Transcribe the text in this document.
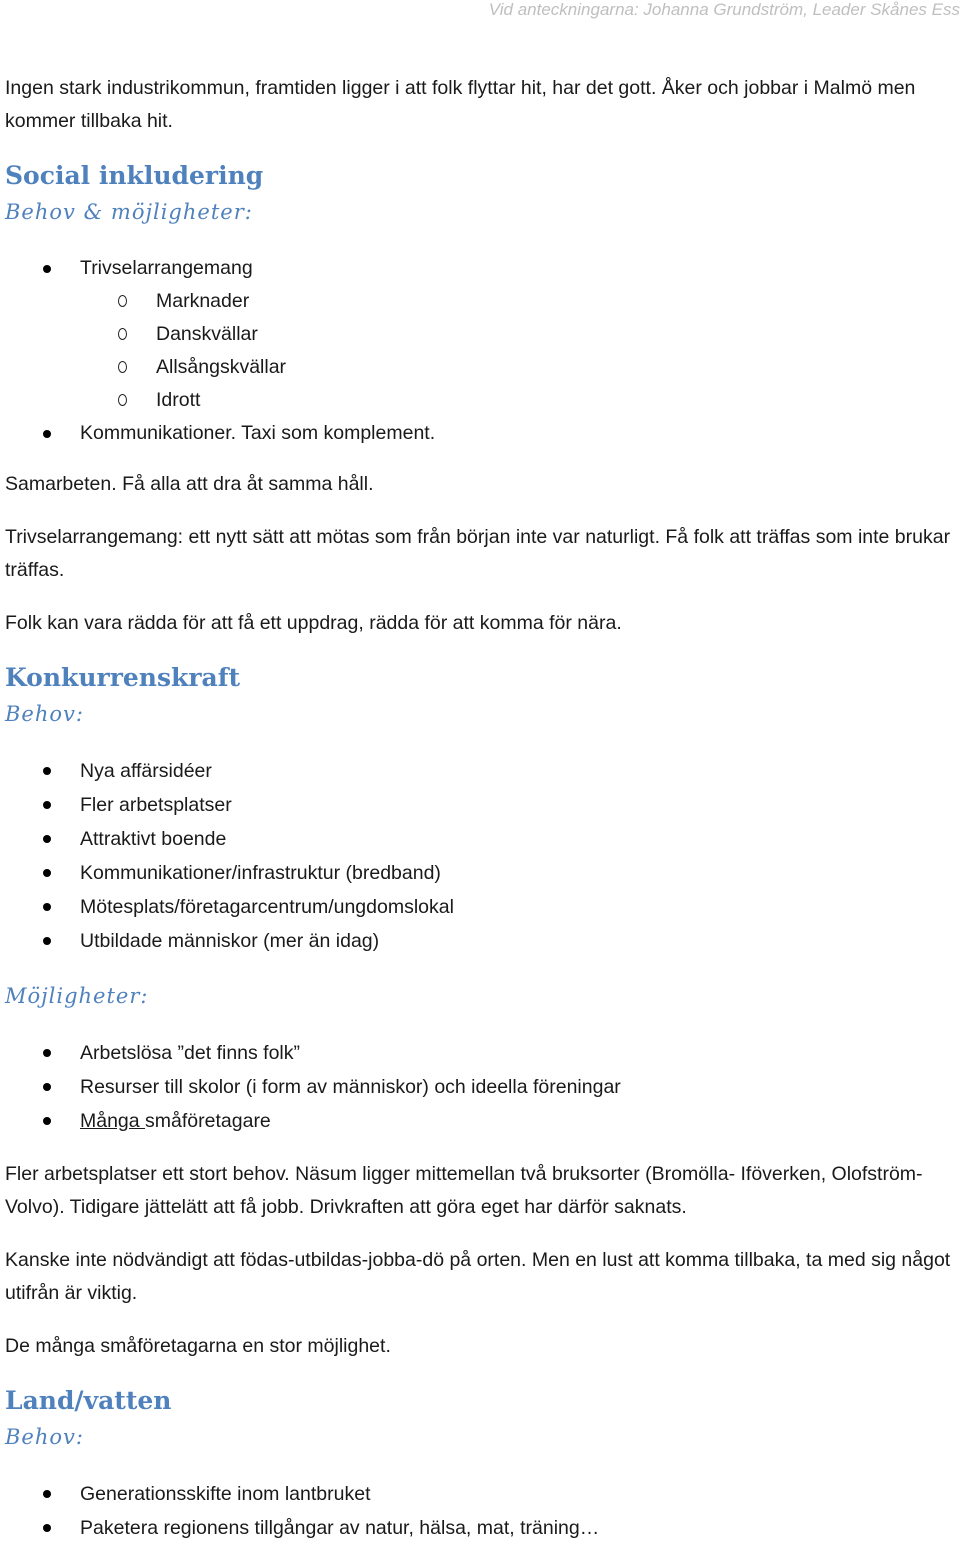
Vid anteckningarna: Johanna Grundström, Leader Skånes Ess

Ingen stark industrikommun, framtiden ligger i att folk flyttar hit, har det gott. Åker och jobbar i Malmö men kommer tillbaka hit.

Social inkludering
Behov & möjligheter:
Trivselarrangemang
Marknader
Danskvällar
Allsångskvällar
Idrott
Kommunikationer. Taxi som komplement.

Samarbeten. Få alla att dra åt samma håll.

Trivselarrangemang: ett nytt sätt att mötas som från början inte var naturligt. Få folk att träffas som inte brukar träffas.

Folk kan vara rädda för att få ett uppdrag, rädda för att komma för nära.

Konkurrenskraft
Behov:
Nya affärsidéer
Fler arbetsplatser
Attraktivt boende
Kommunikationer/infrastruktur (bredband)
Mötesplats/företagarcentrum/ungdomslokal
Utbildade människor (mer än idag)
Möjligheter:
Arbetslösa ”det finns folk”
Resurser till skolor (i form av människor) och ideella föreningar
Många småföretagare

Fler arbetsplatser ett stort behov. Näsum ligger mittemellan två bruksorter (Bromölla- Iföverken, Olofström-Volvo). Tidigare jättelätt att få jobb. Drivkraften att göra eget har därför saknats.

Kanske inte nödvändigt att födas-utbildas-jobba-dö på orten. Men en lust att komma tillbaka, ta med sig något utifrån är viktig.

De många småföretagarna en stor möjlighet.

Land/vatten
Behov:
Generationsskifte inom lantbruket
Paketera regionens tillgångar av natur, hälsa, mat, träning…
